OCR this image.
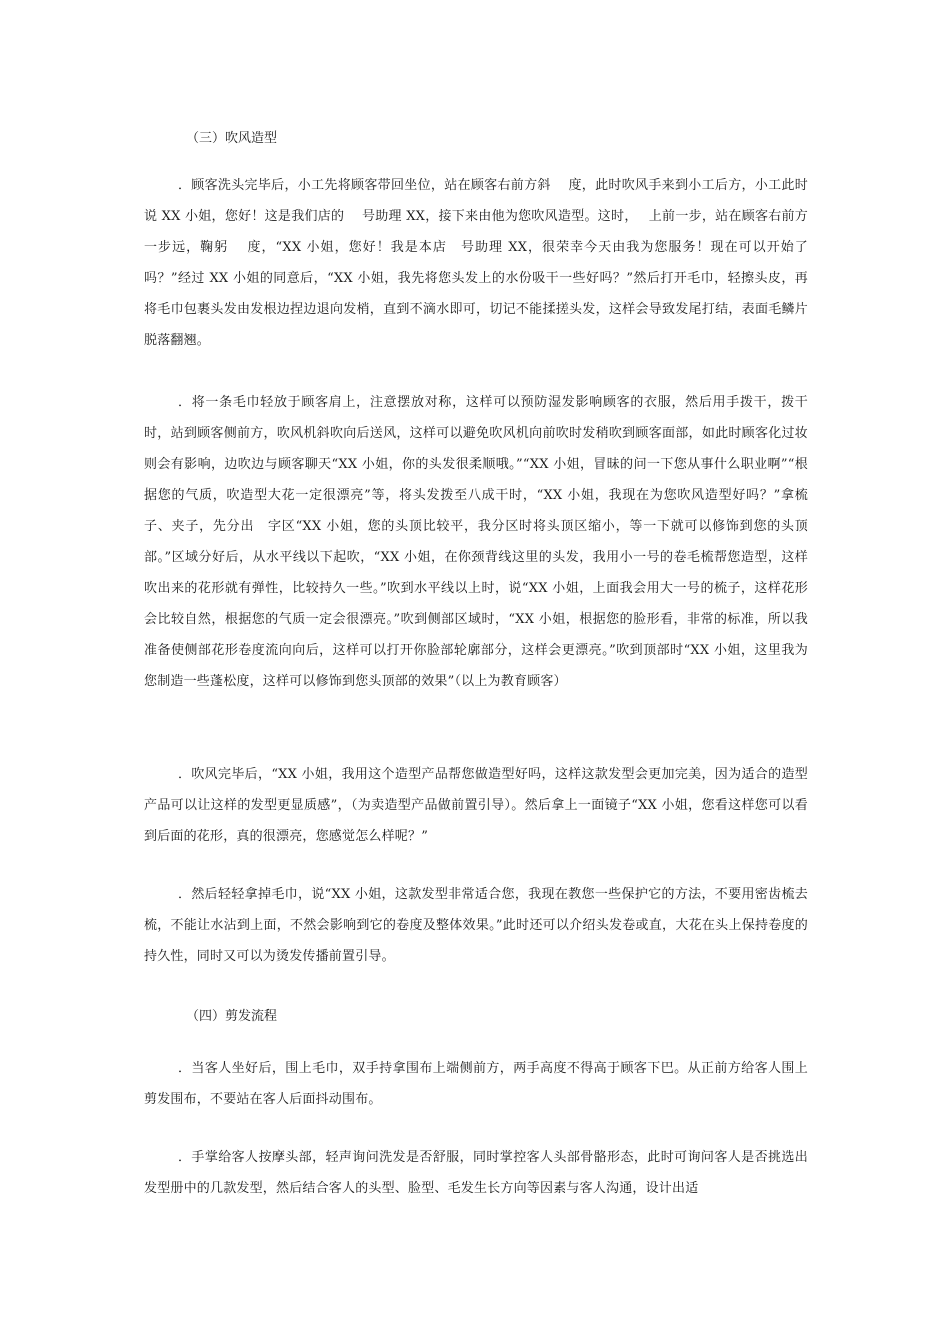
（三）吹风造型
．顾客洗头完毕后，小工先将顾客带回坐位，站在顾客右前方斜　 度，此时吹风手来到小工后方，小工此时说 XX 小姐，您好！这是我们店的　 号助理 XX，接下来由他为您吹风造型。这时，　 上前一步，站在顾客右前方一步远，鞠躬　 度，“XX 小姐，您好！我是本店　号助理 XX，很荣幸今天由我为您服务！现在可以开始了吗？”经过 XX 小姐的同意后，“XX 小姐，我先将您头发上的水份吸干一些好吗？”然后打开毛巾，轻擦头皮，再将毛巾包裹头发由发根边捏边退向发梢，直到不滴水即可，切记不能揉搓头发，这样会导致发尾打结，表面毛鳞片脱落翻翘。
．将一条毛巾轻放于顾客肩上，注意摆放对称，这样可以预防湿发影响顾客的衣服，然后用手拨干，拨干时，站到顾客侧前方，吹风机斜吹向后送风，这样可以避免吹风机向前吹时发稍吹到顾客面部，如此时顾客化过妆则会有影响，边吹边与顾客聊天“XX 小姐，你的头发很柔顺哦。”“XX 小姐，冒昧的问一下您从事什么职业啊”“根据您的气质，吹造型大花一定很漂亮”等，将头发拨至八成干时，“XX 小姐，我现在为您吹风造型好吗？”拿梳子、夹子，先分出　字区“XX 小姐，您的头顶比较平，我分区时将头顶区缩小，等一下就可以修饰到您的头顶部。”区域分好后，从水平线以下起吹，“XX 小姐，在你颈背线这里的头发，我用小一号的卷毛梳帮您造型，这样吹出来的花形就有弹性，比较持久一些。”吹到水平线以上时，说“XX 小姐，上面我会用大一号的梳子，这样花形会比较自然，根据您的气质一定会很漂亮。”吹到侧部区域时，“XX 小姐，根据您的脸形看，非常的标准，所以我准备使侧部花形卷度流向向后，这样可以打开你脸部轮廓部分，这样会更漂亮。”吹到顶部时“XX 小姐，这里我为您制造一些蓬松度，这样可以修饰到您头顶部的效果”（以上为教育顾客）
．吹风完毕后，“XX 小姐，我用这个造型产品帮您做造型好吗，这样这款发型会更加完美，因为适合的造型产品可以让这样的发型更显质感”，（为卖造型产品做前置引导）。然后拿上一面镜子“XX 小姐，您看这样您可以看到后面的花形，真的很漂亮，您感觉怎么样呢？”
．然后轻轻拿掉毛巾，说“XX 小姐，这款发型非常适合您，我现在教您一些保护它的方法，不要用密齿梳去梳，不能让水沾到上面，不然会影响到它的卷度及整体效果。”此时还可以介绍头发卷或直，大花在头上保持卷度的持久性，同时又可以为烫发传播前置引导。
（四）剪发流程
．当客人坐好后，围上毛巾，双手持拿围布上端侧前方，两手高度不得高于顾客下巴。从正前方给客人围上剪发围布，不要站在客人后面抖动围布。
．手掌给客人按摩头部，轻声询问洗发是否舒服，同时掌控客人头部骨骼形态，此时可询问客人是否挑选出发型册中的几款发型，然后结合客人的头型、脸型、毛发生长方向等因素与客人沟通，设计出适
